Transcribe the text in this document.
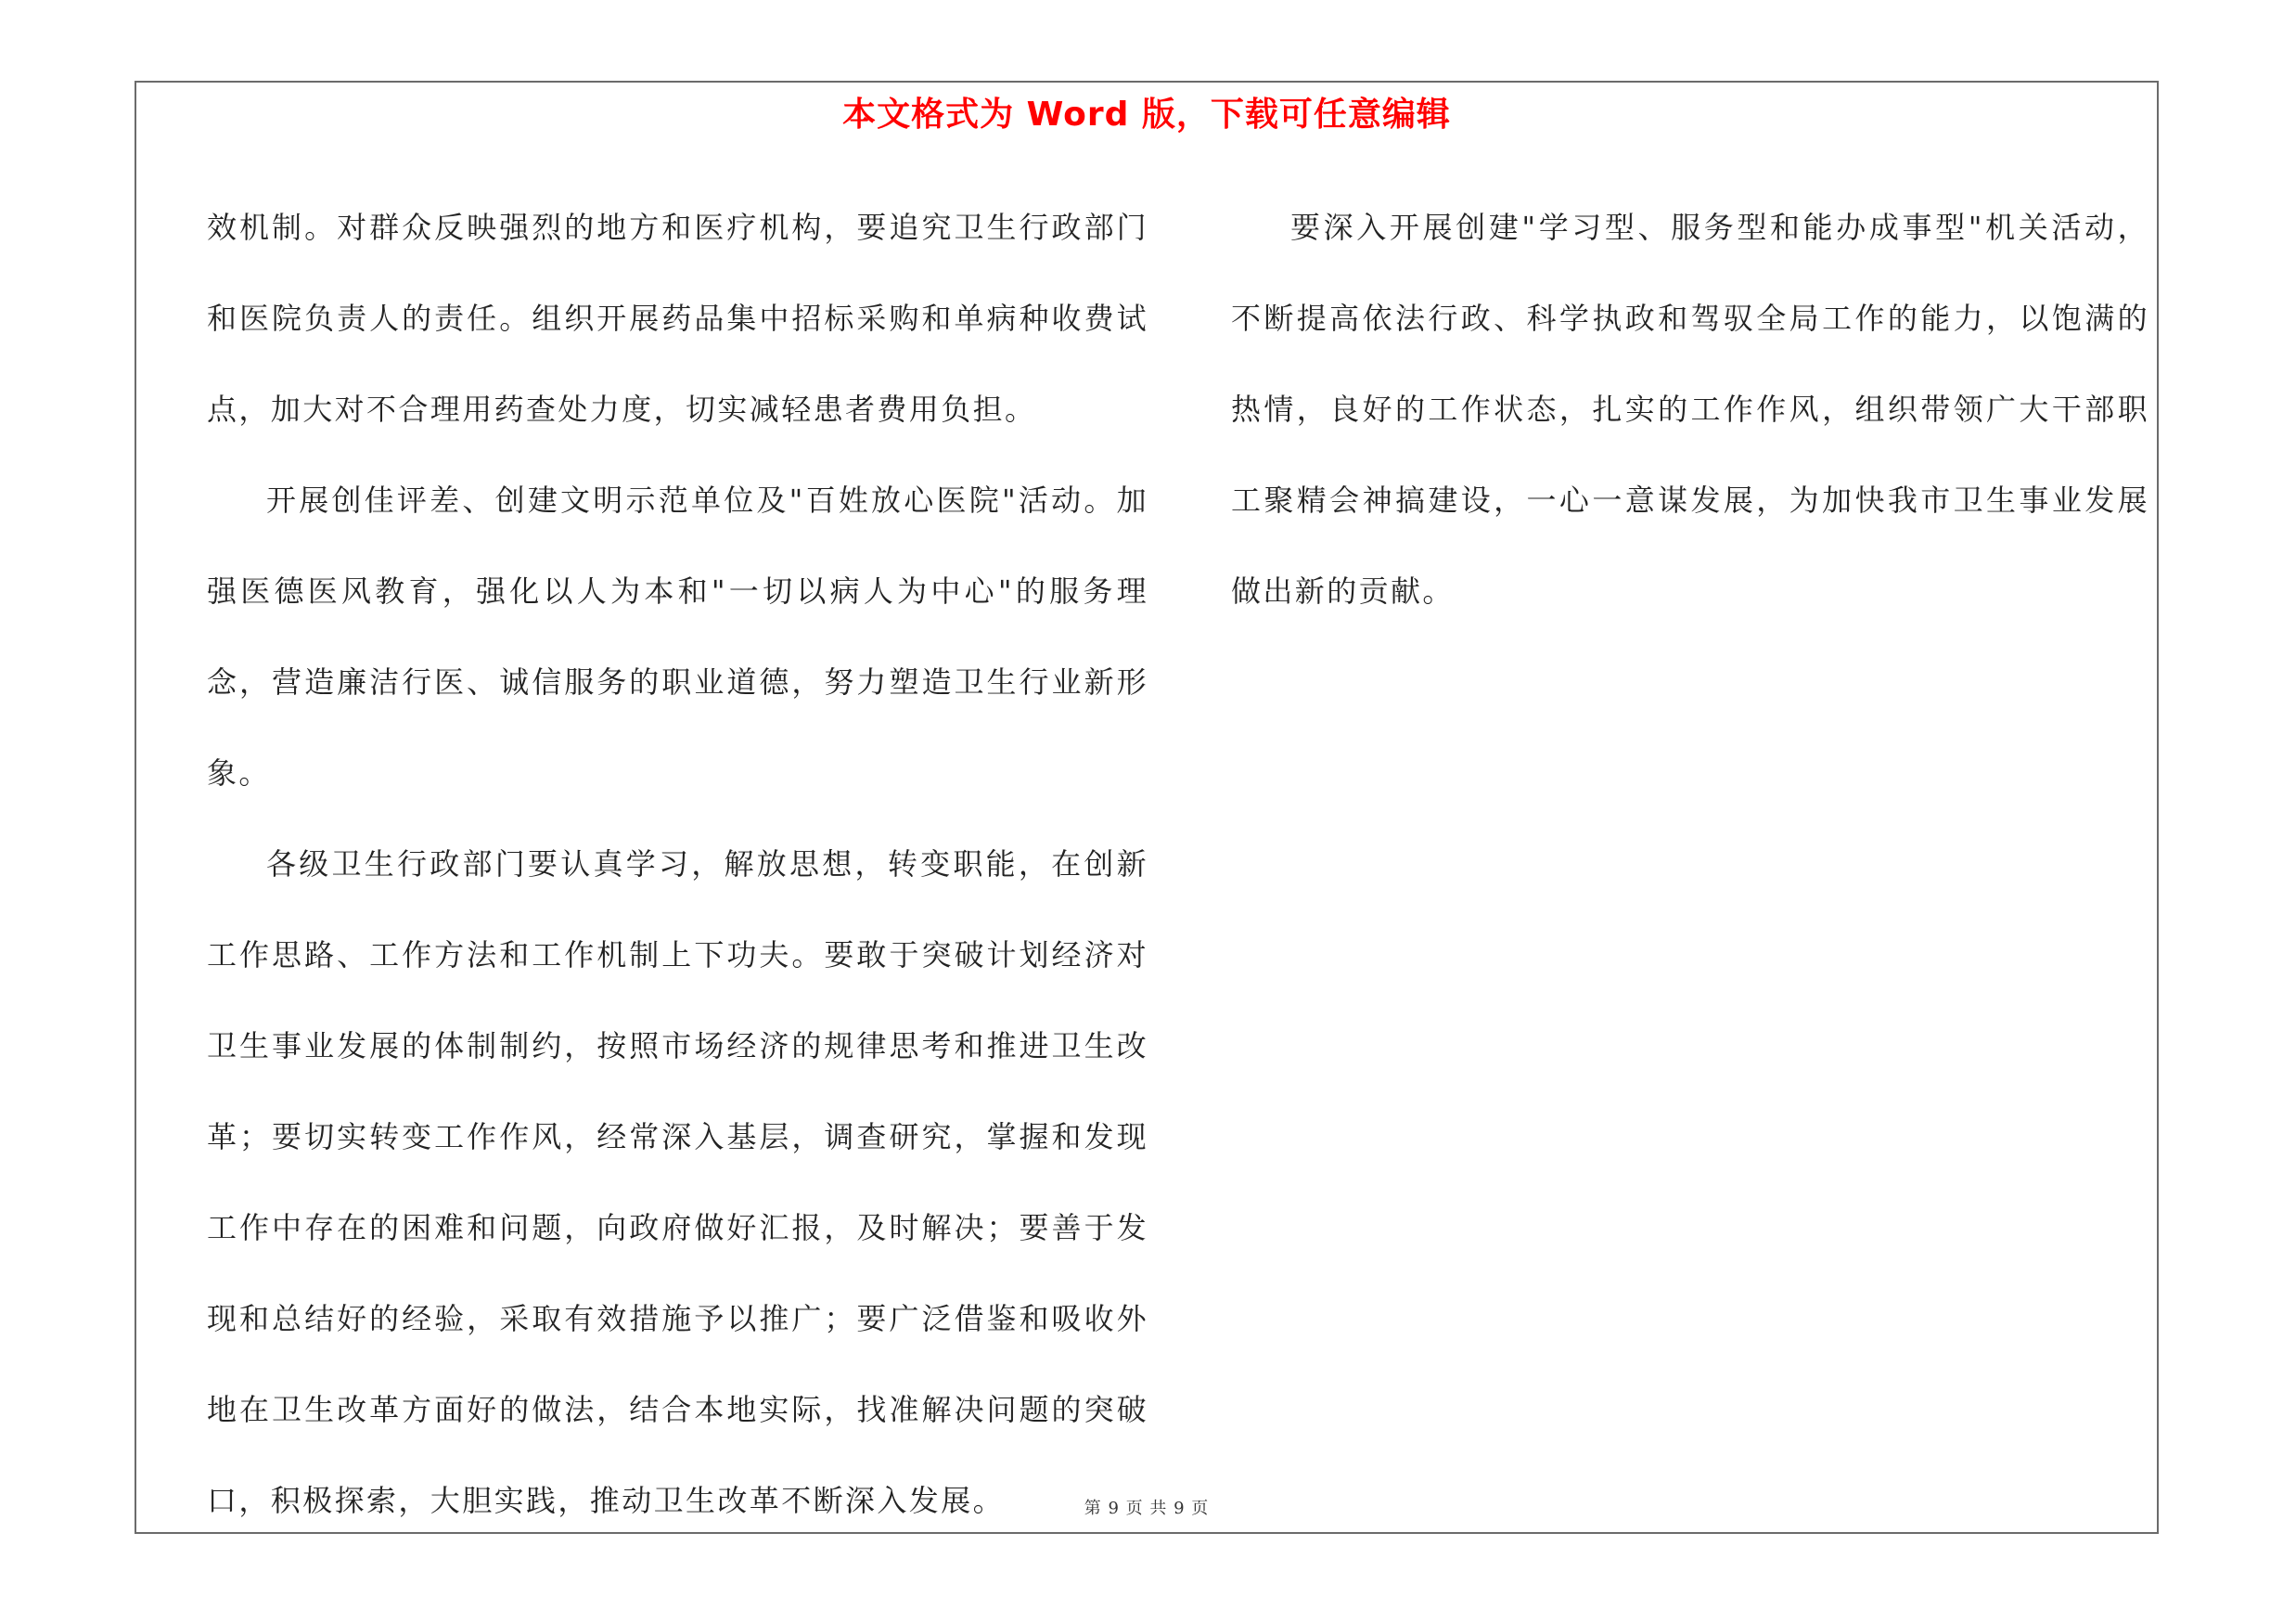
本文格式为 Word 版，下载可任意编辑

效机制。对群众反映强烈的地方和医疗机构，要追究卫生行政部门和医院负责人的责任。组织开展药品集中招标采购和单病种收费试点，加大对不合理用药查处力度，切实减轻患者费用负担。

开展创佳评差、创建文明示范单位及"百姓放心医院"活动。加强医德医风教育，强化以人为本和"一切以病人为中心"的服务理念，营造廉洁行医、诚信服务的职业道德，努力塑造卫生行业新形象。

各级卫生行政部门要认真学习，解放思想，转变职能，在创新工作思路、工作方法和工作机制上下功夫。要敢于突破计划经济对卫生事业发展的体制制约，按照市场经济的规律思考和推进卫生改革；要切实转变工作作风，经常深入基层，调查研究，掌握和发现工作中存在的困难和问题，向政府做好汇报，及时解决；要善于发现和总结好的经验，采取有效措施予以推广；要广泛借鉴和吸收外地在卫生改革方面好的做法，结合本地实际，找准解决问题的突破口，积极探索，大胆实践，推动卫生改革不断深入发展。

要深入开展创建"学习型、服务型和能办成事型"机关活动，不断提高依法行政、科学执政和驾驭全局工作的能力，以饱满的热情，良好的工作状态，扎实的工作作风，组织带领广大干部职工聚精会神搞建设，一心一意谋发展，为加快我市卫生事业发展做出新的贡献。

第 9 页 共 9 页
